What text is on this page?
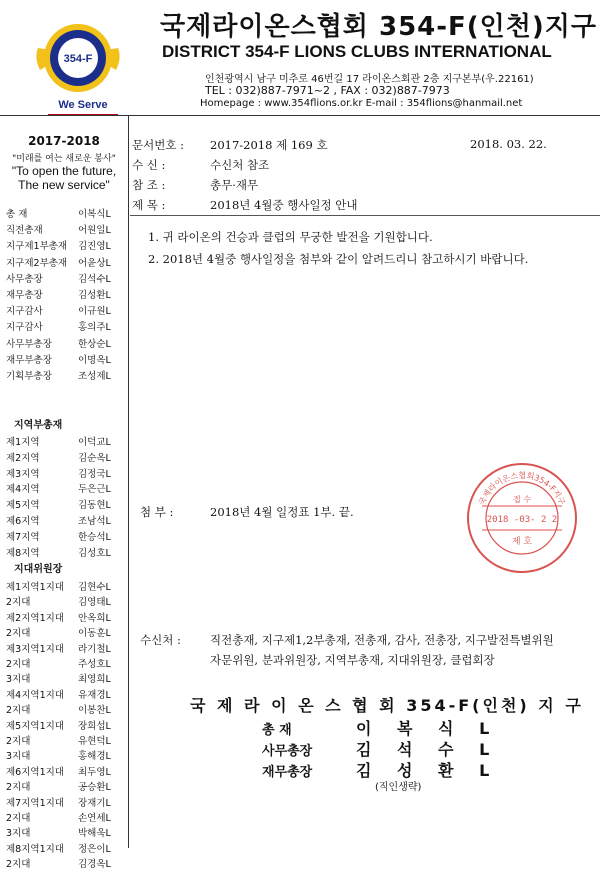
354-F
We Serve
국제라이온스협회 354-F(인천)지구
DISTRICT 354-F LIONS CLUBS INTERNATIONAL
인천광역시 남구 미추로 46번길 17 라이온스회관 2층 지구본부(우.22161)
TEL : 032)887-7971~2 , FAX : 032)887-7973
Homepage : www.354flions.or.kr E-mail : 354flions@hanmail.net
2017-2018
"미래를 여는 새로운 봉사"
"To open the future,
The new service"
총 재	이복식L
직전총재	어원일L
지구제1부총재	김진영L
지구제2부총재	어윤상L
사무총장	김석수L
재무총장	김성환L
지구감사	이규원L
지구감사	홍의주L
사무부총장	한상순L
재무부총장	이명옥L
기획부총장	조성제L
지역부총재
제1지역	이덕교L
제2지역	김순옥L
제3지역	김정국L
제4지역	두은근L
제5지역	김동현L
제6지역	조남석L
제7지역	한승석L
제8지역	김성호L
지대위원장
제1지역1지대	김현수L
2지대	김영태L
제2지역1지대	안옥희L
2지대	이동훈L
제3지역1지대	라기철L
2지대	주성호L
3지대	최영희L
제4지역1지대	유재경L
2지대	이봉찬L
제5지역1지대	장희섭L
2지대	유현덕L
3지대	홍해경L
제6지역1지대	최두영L
2지대	공승환L
제7지역1지대	장재기L
2지대	손연세L
3지대	박해욱L
제8지역1지대	정은이L
2지대	김경옥L
문서번호 : 2017-2018 제 169 호	2018. 03. 22.
수 신 :	수신처 참조
참 조 :	총무·재무
제 목 :	2018년 4월중 행사일정 안내
1. 귀 라이온의 건승과 클럽의 무궁한 발전을 기원합니다.
2. 2018년 4월중 행사일정을 첨부와 같이 알려드리니 참고하시기 바랍니다.
첨 부 :	2018년 4월 일정표 1부. 끝.
수신처 :	직전총재, 지구제1,2부총재, 전총재, 감사, 전총장, 지구발전특별위원
자문위원, 분과위원장, 지역부총재, 지대위원장, 클럽회장
국 제 라 이 온 스 협 회 354-F(인천) 지 구
총 재	이 복 식 L
사무총장	김 석 수 L
재무총장	김 성 환 L
(직인생략)
국제라이온스협회354-F지구
접 수
2018 -03- 2 2
제 호
